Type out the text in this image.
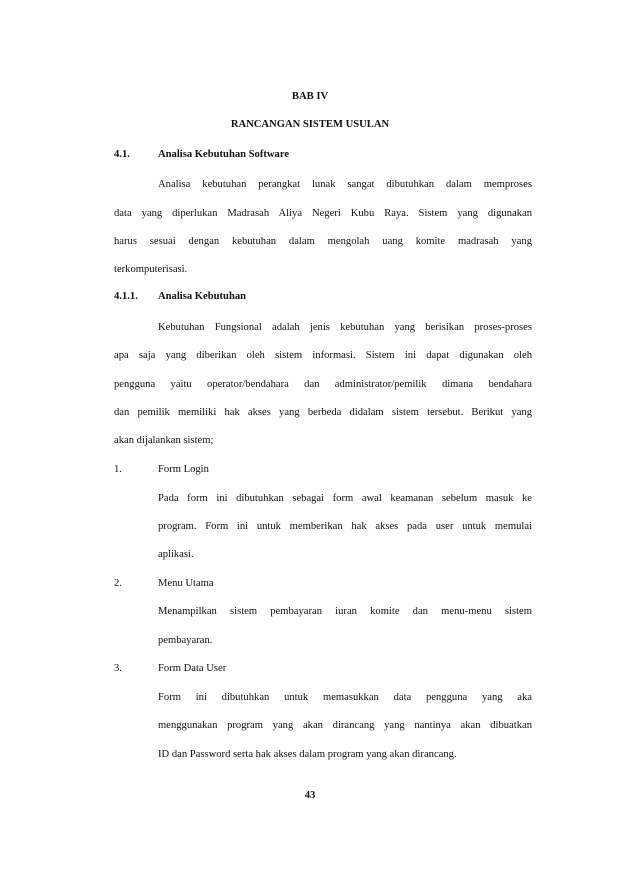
BAB IV
RANCANGAN SISTEM USULAN
4.1.	Analisa Kebutuhan Software
Analisa kebutuhan perangkat lunak sangat dibutuhkan dalam memproses
data yang diperlukan Madrasah Aliya Negeri Kubu Raya. Sistem yang digunakan
harus sesuai dengan kebutuhan dalam mengolah uang komite madrasah yang
terkomputerisasi.
4.1.1. Analisa Kebutuhan
Kebutuhan Fungsional adalah jenis kebutuhan yang berisikan proses-proses
apa saja yang diberikan oleh sistem informasi. Sistem ini dapat digunakan oleh
pengguna yaitu operator/bendahara dan administrator/pemilik dimana bendahara
dan pemilik memiliki hak akses yang berbeda didalam sistem tersebut. Berikut yang
akan dijalankan sistem;
1.	Form Login
Pada form ini dibutuhkan sebagai form awal keamanan sebelum masuk ke
program. Form ini untuk memberikan hak akses pada user untuk memulai
aplikasi.
2.	Menu Utama
Menampilkan sistem pembayaran iuran komite dan menu-menu sistem
pembayaran.
3.	Form Data User
Form ini dibutuhkan untuk memasukkan data pengguna yang aka
menggunakan program yang akan dirancang yang nantinya akan dibuatkan
ID dan Password serta hak akses dalam program yang akan dirancang.
43
